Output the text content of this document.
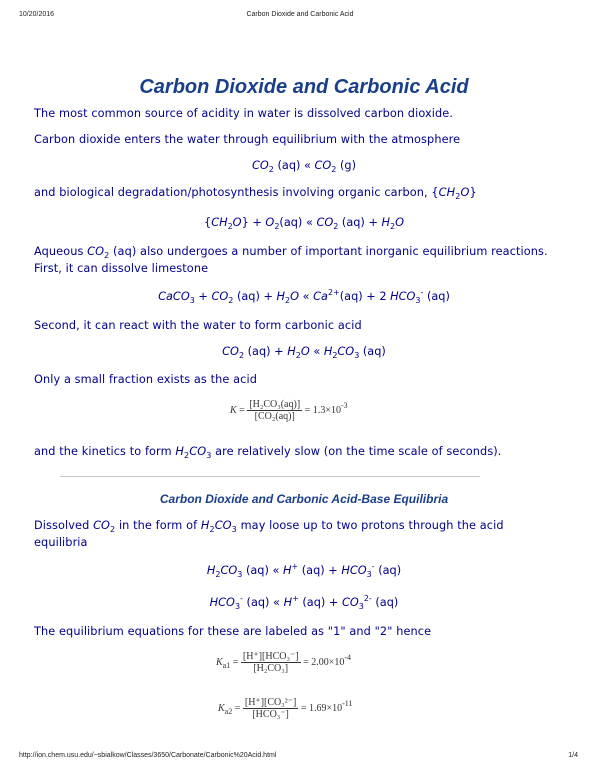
10/20/2016	Carbon Dioxide and Carbonic Acid
Carbon Dioxide and Carbonic Acid
The most common source of acidity in water is dissolved carbon dioxide.
Carbon dioxide enters the water through equilibrium with the atmosphere
$CO_2$ (aq) « $CO_2$ (g)
and biological degradation/photosynthesis involving organic carbon, $\{CH_2O\}$
$\{CH_2O\} + O_2(aq)$ « $CO_2$ $(aq) + H_2O$
Aqueous $CO_2$ (aq) also undergoes a number of important inorganic equilibrium reactions.
First, it can dissolve limestone
CaCO$_3$ + $CO_2$ $(aq) + H_2O$ « $Ca^{2+}(aq) + 2$ $HCO_3^-$ (aq)
Second, it can react with the water to form carbonic acid
$CO_2$ $(aq) + H_2O$ « $H_2CO_3$ (aq)
Only a small fraction exists as the acid
$K = \frac{\text{[H₂CO₃(aq)]}}{\text{[CO₂(aq)]}} = 1.3\times 10^{-3}$
and the kinetics to form $H_2CO_3$ are relatively slow (on the time scale of seconds).
Carbon Dioxide and Carbonic Acid-Base Equilibria
Dissolved $CO_2$ in the form of $H_2CO_3$ may loose up to two protons through the acid
equilibria
$H_2CO_3$ (aq) « H+ $(aq) + HCO_3^-$ (aq)
$HCO_3^-$ (aq) « H+ $(aq) + CO_3^{2-}$ (aq)
The equilibrium equations for these are labeled as "1" and "2" hence
$K_{a1} = \frac{\text{[H⁺][HCO₃⁻]}}{\text{[H₂CO₃]}} = 2.00\times 10^{-4}$
$K_{a2} = \frac{\text{[H⁺][CO₃²⁻]}}{\text{[HCO₃⁻]}} = 1.69\times 10^{-11}$
http://ion.chem.usu.edu/~sbialkow/Classes/3650/Carbonate/Carbonic%20Acid.html	1/4
